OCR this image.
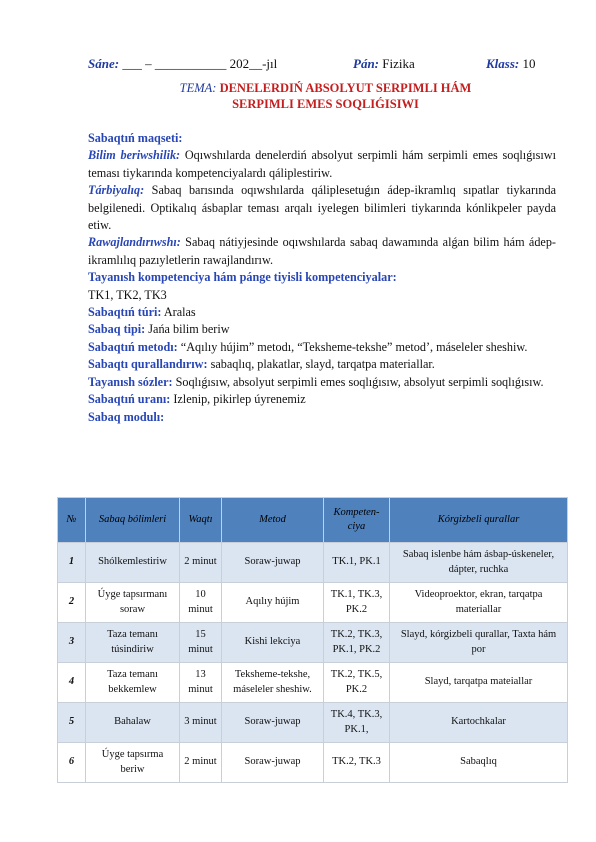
Sáne: ___ – ___________ 202__-jıl	Pán: Fizika	Klass: 10
TEMA: DENELERDIŃ ABSOLYUT SERPIMLI HÁM
SERPIMLI EMES SOQLIǴISIWI

Sabaqtıń maqseti:

Bilim beriwshilik: Oqıwshılarda denelerdiń absolyut serpimli hám serpimli emes soqlıǵısıwı teması tiykarında kompetenciyalardı qáliplestiriw.

Tárbiyalıq: Sabaq barısında oqıwshılarda qáliplesetuǵın ádep-ikramlıq sıpatlar tiykarında belgilenedi. Optikalıq ásbaplar teması arqalı iyelegen bilimleri tiykarında kónlikpeler payda etiw.

Rawajlandırıwshı: Sabaq nátiyjesinde oqıwshılarda sabaq dawamında alǵan bilim hám ádep-ikramlılıq pazıyletlerin rawajlandırıw.

Tayanısh kompetenciya hám pánge tiyisli kompetenciyalar:

TK1, TK2, TK3

Sabaqtıń túri: Aralas

Sabaq tipi: Jańa bilim beriw

Sabaqtıń metodı: “Aqılıy hújim” metodı, “Teksheme-tekshe” metod’, máseleler sheshiw.

Sabaqtı qurallandırıw: sabaqlıq, plakatlar, slayd, tarqatpa materiallar.

Tayanısh sózler: Soqlıǵısıw, absolyut serpimli emes soqlıǵısıw, absolyut serpimli soqlıǵısıw.

Sabaqtıń uranı: Izlenip, pikirlep úyrenemiz

Sabaq modulı:

№	Sabaq bólimleri	Waqtı	Metod	Kompeten-ciya	Kórgizbeli qurallar
1	Shólkemlestiriw	2 minut	Soraw-juwap	TK.1, PK.1	Sabaq islenbe hám ásbap-úskeneler, dápter, ruchka
2	Úyge tapsırmanı soraw	10 minut	Aqılıy hújim	TK.1, TK.3, PK.2	Videoproektor, ekran, tarqatpa materiallar
3	Taza temanı túsindiriw	15 minut	Kishi lekciya	TK.2, TK.3, PK.1, PK.2	Slayd, kórgizbeli qurallar, Taxta hám por
4	Taza temanı bekkemlew	13 minut	Teksheme-tekshe, máseleler sheshiw.	TK.2, TK.5, PK.2	Slayd, tarqatpa mateiallar
5	Bahalaw	3 minut	Soraw-juwap	TK.4, TK.3, PK.1,	Kartochkalar
6	Úyge tapsırma beriw	2 minut	Soraw-juwap	TK.2, TK.3	Sabaqlıq
